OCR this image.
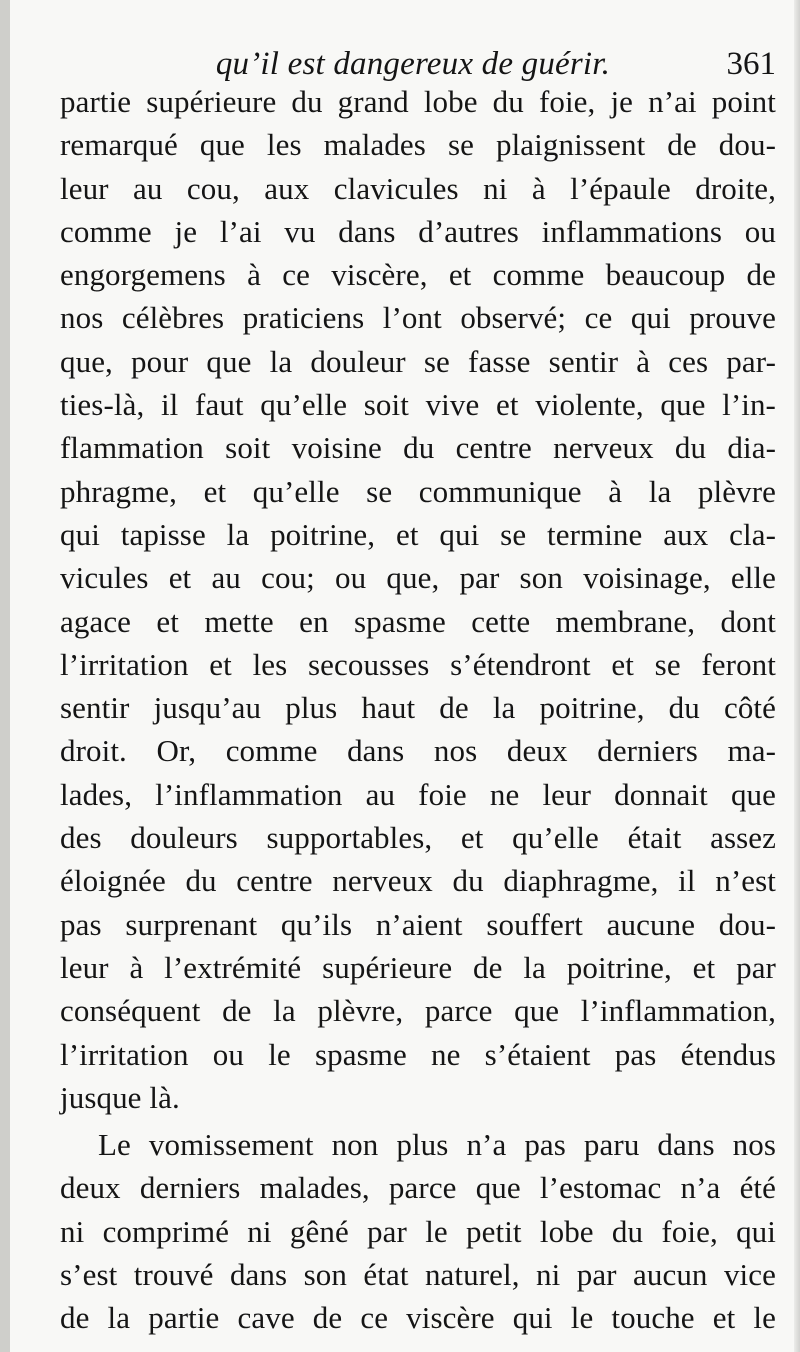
qu’il est dangereux de guérir.	361
partie supérieure du grand lobe du foie, je n’ai point
remarqué que les malades se plaignissent de dou-
leur au cou, aux clavicules ni à l’épaule droite,
comme je l’ai vu dans d’autres inflammations ou
engorgemens à ce viscère, et comme beaucoup de
nos célèbres praticiens l’ont observé; ce qui prouve
que, pour que la douleur se fasse sentir à ces par-
ties-là, il faut qu’elle soit vive et violente, que l’in-
flammation soit voisine du centre nerveux du dia-
phragme, et qu’elle se communique à la plèvre
qui tapisse la poitrine, et qui se termine aux cla-
vicules et au cou; ou que, par son voisinage, elle
agace et mette en spasme cette membrane, dont
l’irritation et les secousses s’étendront et se feront
sentir jusqu’au plus haut de la poitrine, du côté
droit. Or, comme dans nos deux derniers ma-
lades, l’inflammation au foie ne leur donnait que
des douleurs supportables, et qu’elle était assez
éloignée du centre nerveux du diaphragme, il n’est
pas surprenant qu’ils n’aient souffert aucune dou-
leur à l’extrémité supérieure de la poitrine, et par
conséquent de la plèvre, parce que l’inflammation,
l’irritation ou le spasme ne s’étaient pas étendus
jusque là.
Le vomissement non plus n’a pas paru dans nos
deux derniers malades, parce que l’estomac n’a été
ni comprimé ni gêné par le petit lobe du foie, qui
s’est trouvé dans son état naturel, ni par aucun vice
de la partie cave de ce viscère qui le touche et le
